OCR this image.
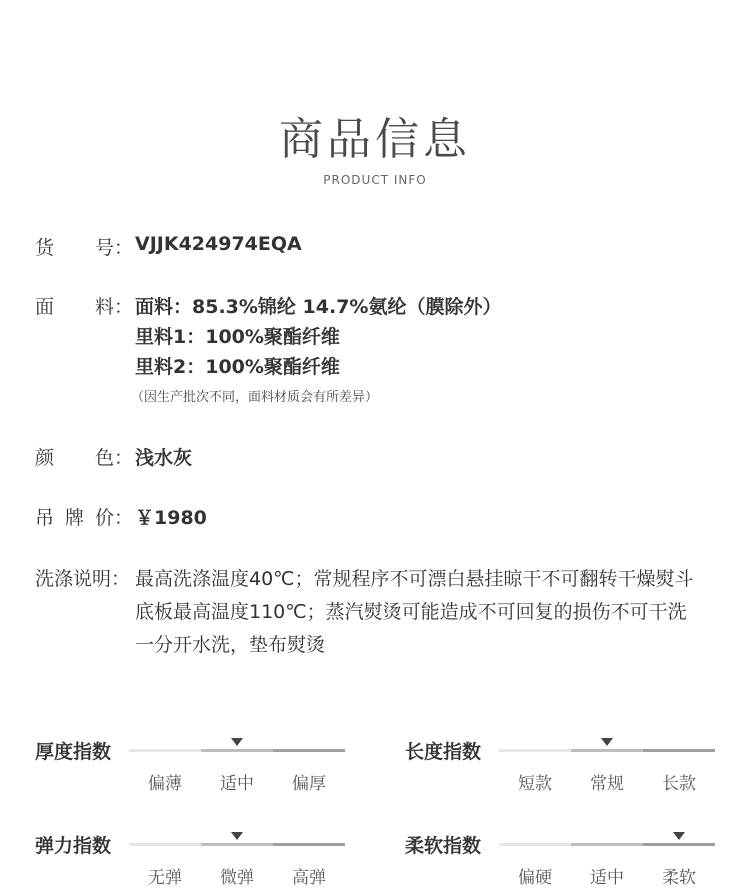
商品信息
PRODUCT INFO
货 号： VJJK424974EQA
面 料： 面料：85.3%锦纶 14.7%氨纶（膜除外）
里料1：100%聚酯纤维
里料2：100%聚酯纤维
（因生产批次不同，面料材质会有所差异）
颜 色： 浅水灰
吊 牌 价： ￥1980
洗涤说明： 最高洗涤温度40℃；常规程序不可漂白悬挂晾干不可翻转干燥熨斗
底板最高温度110℃；蒸汽熨烫可能造成不可回复的损伤不可干洗
一分开水洗，垫布熨烫
厚度指数
偏薄	适中	偏厚
长度指数
短款	常规	长款
弹力指数
无弹	微弹	高弹
柔软指数
偏硬	适中	柔软
